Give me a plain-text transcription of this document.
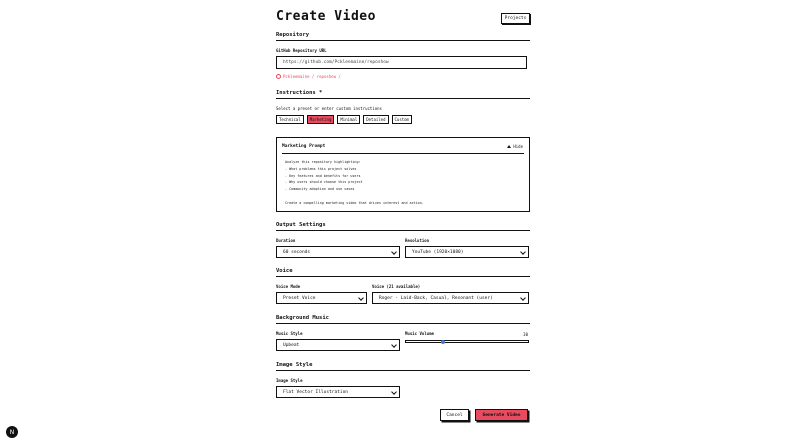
Create Video	Projects
Repository
GitHub Repository URL
https://github.com/Pckleemaine/reposhow
Pckleemaine / reposhow /
Instructions *
Select a preset or enter custom instructions
Technical	Marketing	Minimal	Detailed	Custom
Marketing Prompt	Hide
Analyze this repository highlighting:
- What problems this project solves
- Key features and benefits for users
- Why users should choose this project
- Community adoption and use cases

Create a compelling marketing video that drives interest and action.
Output Settings
Duration
60 seconds
Resolution
YouTube (1920×1080)
Voice
Voice Mode
Preset Voice
Voice (21 available)
Roger - Laid-Back, Casual, Resonant (user)
Background Music
Music Style
Upbeat
Music Volume	30
Image Style
Image Style
Flat Vector Illustration
Cancel	Generate Video
N
